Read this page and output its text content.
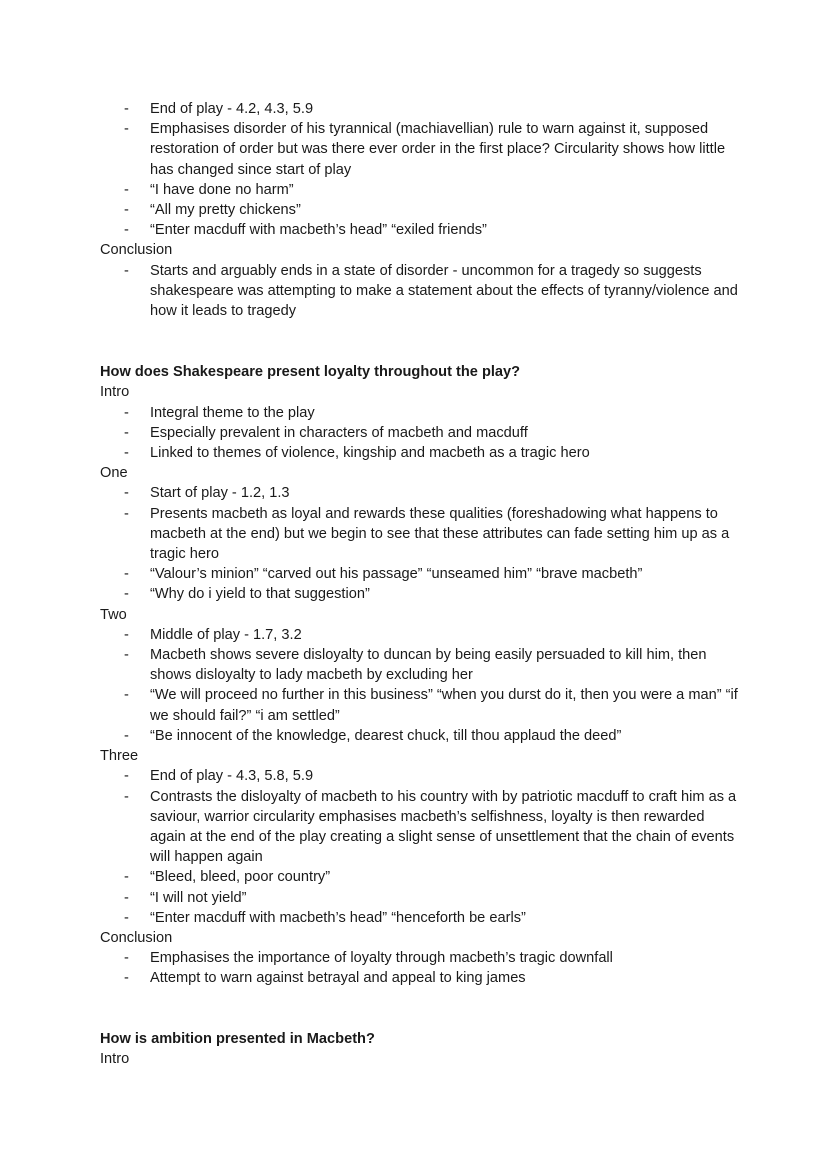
- End of play - 4.2, 4.3, 5.9
- Emphasises disorder of his tyrannical (machiavellian) rule to warn against it, supposed restoration of order but was there ever order in the first place? Circularity shows how little has changed since start of play
- “I have done no harm”
- “All my pretty chickens”
- “Enter macduff with macbeth’s head” “exiled friends”

Conclusion

- Starts and arguably ends in a state of disorder - uncommon for a tragedy so suggests shakespeare was attempting to make a statement about the effects of tyranny/violence and how it leads to tragedy

How does Shakespeare present loyalty throughout the play?

Intro

- Integral theme to the play
- Especially prevalent in characters of macbeth and macduff
- Linked to themes of violence, kingship and macbeth as a tragic hero

One

- Start of play - 1.2, 1.3
- Presents macbeth as loyal and rewards these qualities (foreshadowing what happens to macbeth at the end) but we begin to see that these attributes can fade setting him up as a tragic hero
- “Valour’s minion” “carved out his passage” “unseamed him” “brave macbeth”
- “Why do i yield to that suggestion”

Two

- Middle of play - 1.7, 3.2
- Macbeth shows severe disloyalty to duncan by being easily persuaded to kill him, then shows disloyalty to lady macbeth by excluding her
- “We will proceed no further in this business” “when you durst do it, then you were a man” “if we should fail?” “i am settled”
- “Be innocent of the knowledge, dearest chuck, till thou applaud the deed”

Three

- End of play - 4.3, 5.8, 5.9
- Contrasts the disloyalty of macbeth to his country with by patriotic macduff to craft him as a saviour, warrior circularity emphasises macbeth’s selfishness, loyalty is then rewarded again at the end of the play creating a slight sense of unsettlement that the chain of events will happen again
- “Bleed, bleed, poor country”
- “I will not yield”
- “Enter macduff with macbeth’s head” “henceforth be earls”

Conclusion

- Emphasises the importance of loyalty through macbeth’s tragic downfall
- Attempt to warn against betrayal and appeal to king james

How is ambition presented in Macbeth?

Intro
